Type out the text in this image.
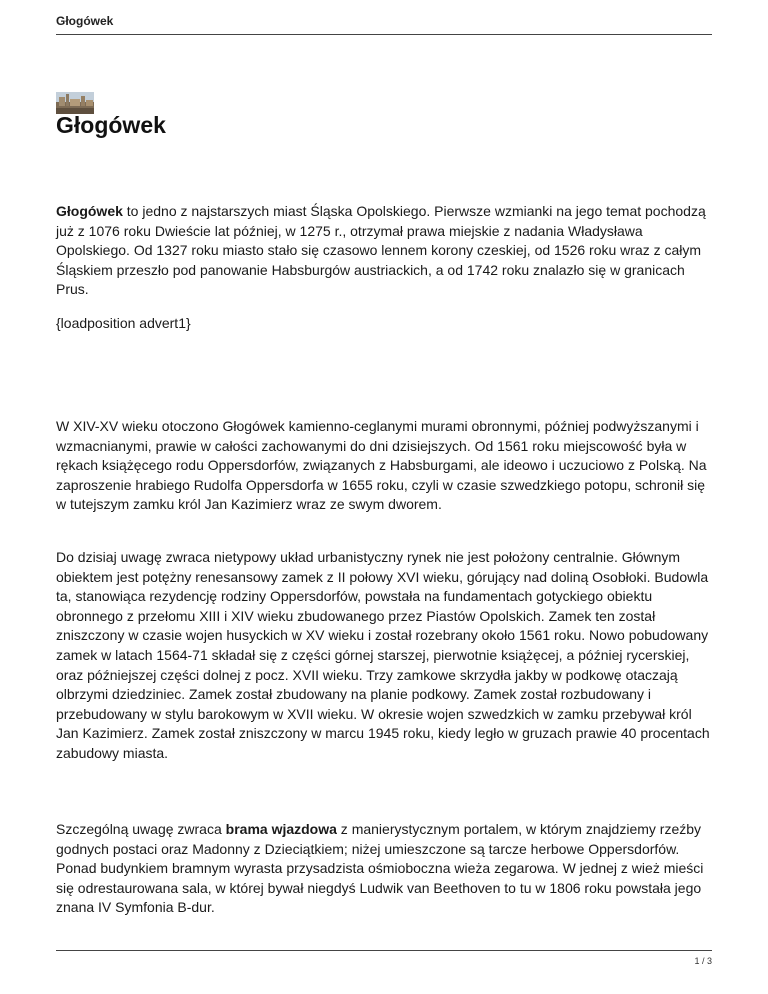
Głogówek
Głogówek

Głogówek to jedno z najstarszych miast Śląska Opolskiego. Pierwsze wzmianki na jego temat pochodzą już z 1076 roku Dwieście lat później, w 1275 r., otrzymał prawa miejskie z nadania Władysława Opolskiego. Od 1327 roku miasto stało się czasowo lennem korony czeskiej, od 1526 roku wraz z całym Śląskiem przeszło pod panowanie Habsburgów austriackich, a od 1742 roku znalazło się w granicach Prus.

{loadposition advert1}

W XIV-XV wieku otoczono Głogówek kamienno-ceglanymi murami obronnymi, później podwyższanymi i wzmacnianymi, prawie w całości zachowanymi do dni dzisiejszych. Od 1561 roku miejscowość była w rękach książęcego rodu Oppersdorfów, związanych z Habsburgami, ale ideowo i uczuciowo z Polską. Na zaproszenie hrabiego Rudolfa Oppersdorfa w 1655 roku, czyli w czasie szwedzkiego potopu, schronił się w tutejszym zamku król Jan Kazimierz wraz ze swym dworem.

Do dzisiaj uwagę zwraca nietypowy układ urbanistyczny rynek nie jest położony centralnie. Głównym obiektem jest potężny renesansowy zamek z II połowy XVI wieku, górujący nad doliną Osobłoki. Budowla ta, stanowiąca rezydencję rodziny Oppersdorfów, powstała na fundamentach gotyckiego obiektu obronnego z przełomu XIII i XIV wieku zbudowanego przez Piastów Opolskich. Zamek ten został zniszczony w czasie wojen husyckich w XV wieku i został rozebrany około 1561 roku. Nowo pobudowany zamek w latach 1564-71 składał się z części górnej starszej, pierwotnie książęcej, a później rycerskiej, oraz późniejszej części dolnej z pocz. XVII wieku. Trzy zamkowe skrzydła jakby w podkowę otaczają olbrzymi dziedziniec. Zamek został zbudowany na planie podkowy. Zamek został rozbudowany i przebudowany w stylu barokowym w XVII wieku. W okresie wojen szwedzkich w zamku przebywał król Jan Kazimierz. Zamek został zniszczony w marcu 1945 roku, kiedy legło w gruzach prawie 40 procentach zabudowy miasta.

Szczególną uwagę zwraca brama wjazdowa z manierystycznym portalem, w którym znajdziemy rzeźby godnych postaci oraz Madonny z Dzieciątkiem; niżej umieszczone są tarcze herbowe Oppersdorfów. Ponad budynkiem bramnym wyrasta przysadzista ośmioboczna wieża zegarowa. W jednej z wież mieści się odrestaurowana sala, w której bywał niegdyś Ludwik van Beethoven to tu w 1806 roku powstała jego znana IV Symfonia B-dur.

1 / 3
